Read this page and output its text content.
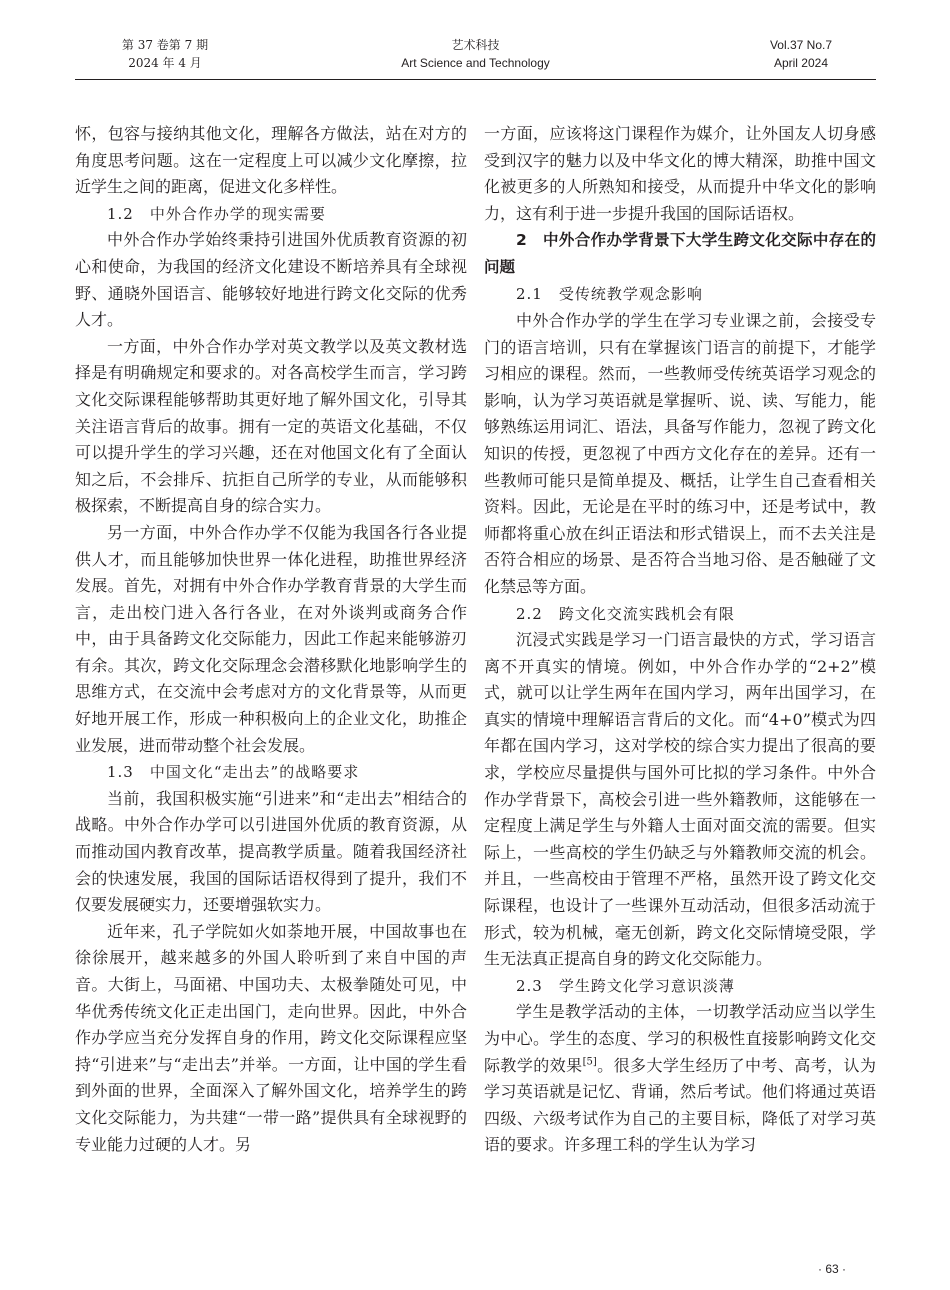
第 37 卷第 7 期
2024 年 4 月
艺术科技
Art Science and Technology
Vol.37 No.7
April 2024

怀，包容与接纳其他文化，理解各方做法，站在对方的角度思考问题。这在一定程度上可以减少文化摩擦，拉近学生之间的距离，促进文化多样性。

1.2　中外合作办学的现实需要

中外合作办学始终秉持引进国外优质教育资源的初心和使命，为我国的经济文化建设不断培养具有全球视野、通晓外国语言、能够较好地进行跨文化交际的优秀人才。

一方面，中外合作办学对英文教学以及英文教材选择是有明确规定和要求的。对各高校学生而言，学习跨文化交际课程能够帮助其更好地了解外国文化，引导其关注语言背后的故事。拥有一定的英语文化基础，不仅可以提升学生的学习兴趣，还在对他国文化有了全面认知之后，不会排斥、抗拒自己所学的专业，从而能够积极探索，不断提高自身的综合实力。

另一方面，中外合作办学不仅能为我国各行各业提供人才，而且能够加快世界一体化进程，助推世界经济发展。首先，对拥有中外合作办学教育背景的大学生而言，走出校门进入各行各业，在对外谈判或商务合作中，由于具备跨文化交际能力，因此工作起来能够游刃有余。其次，跨文化交际理念会潜移默化地影响学生的思维方式，在交流中会考虑对方的文化背景等，从而更好地开展工作，形成一种积极向上的企业文化，助推企业发展，进而带动整个社会发展。

1.3　中国文化“走出去”的战略要求

当前，我国积极实施“引进来”和“走出去”相结合的战略。中外合作办学可以引进国外优质的教育资源，从而推动国内教育改革，提高教学质量。随着我国经济社会的快速发展，我国的国际话语权得到了提升，我们不仅要发展硬实力，还要增强软实力。

近年来，孔子学院如火如荼地开展，中国故事也在徐徐展开，越来越多的外国人聆听到了来自中国的声音。大街上，马面裙、中国功夫、太极拳随处可见，中华优秀传统文化正走出国门，走向世界。因此，中外合作办学应当充分发挥自身的作用，跨文化交际课程应坚持“引进来”与“走出去”并举。一方面，让中国的学生看到外面的世界，全面深入了解外国文化，培养学生的跨文化交际能力，为共建“一带一路”提供具有全球视野的专业能力过硬的人才。另

一方面，应该将这门课程作为媒介，让外国友人切身感受到汉字的魅力以及中华文化的博大精深，助推中国文化被更多的人所熟知和接受，从而提升中华文化的影响力，这有利于进一步提升我国的国际话语权。

2　中外合作办学背景下大学生跨文化交际中存在的问题

2.1　受传统教学观念影响

中外合作办学的学生在学习专业课之前，会接受专门的语言培训，只有在掌握该门语言的前提下，才能学习相应的课程。然而，一些教师受传统英语学习观念的影响，认为学习英语就是掌握听、说、读、写能力，能够熟练运用词汇、语法，具备写作能力，忽视了跨文化知识的传授，更忽视了中西方文化存在的差异。还有一些教师可能只是简单提及、概括，让学生自己查看相关资料。因此，无论是在平时的练习中，还是考试中，教师都将重心放在纠正语法和形式错误上，而不去关注是否符合相应的场景、是否符合当地习俗、是否触碰了文化禁忌等方面。

2.2　跨文化交流实践机会有限

沉浸式实践是学习一门语言最快的方式，学习语言离不开真实的情境。例如，中外合作办学的“2+2”模式，就可以让学生两年在国内学习，两年出国学习，在真实的情境中理解语言背后的文化。而“4+0”模式为四年都在国内学习，这对学校的综合实力提出了很高的要求，学校应尽量提供与国外可比拟的学习条件。中外合作办学背景下，高校会引进一些外籍教师，这能够在一定程度上满足学生与外籍人士面对面交流的需要。但实际上，一些高校的学生仍缺乏与外籍教师交流的机会。并且，一些高校由于管理不严格，虽然开设了跨文化交际课程，也设计了一些课外互动活动，但很多活动流于形式，较为机械，毫无创新，跨文化交际情境受限，学生无法真正提高自身的跨文化交际能力。

2.3　学生跨文化学习意识淡薄

学生是教学活动的主体，一切教学活动应当以学生为中心。学生的态度、学习的积极性直接影响跨文化交际教学的效果[5]。很多大学生经历了中考、高考，认为学习英语就是记忆、背诵，然后考试。他们将通过英语四级、六级考试作为自己的主要目标，降低了对学习英语的要求。许多理工科的学生认为学习

· 63 ·
